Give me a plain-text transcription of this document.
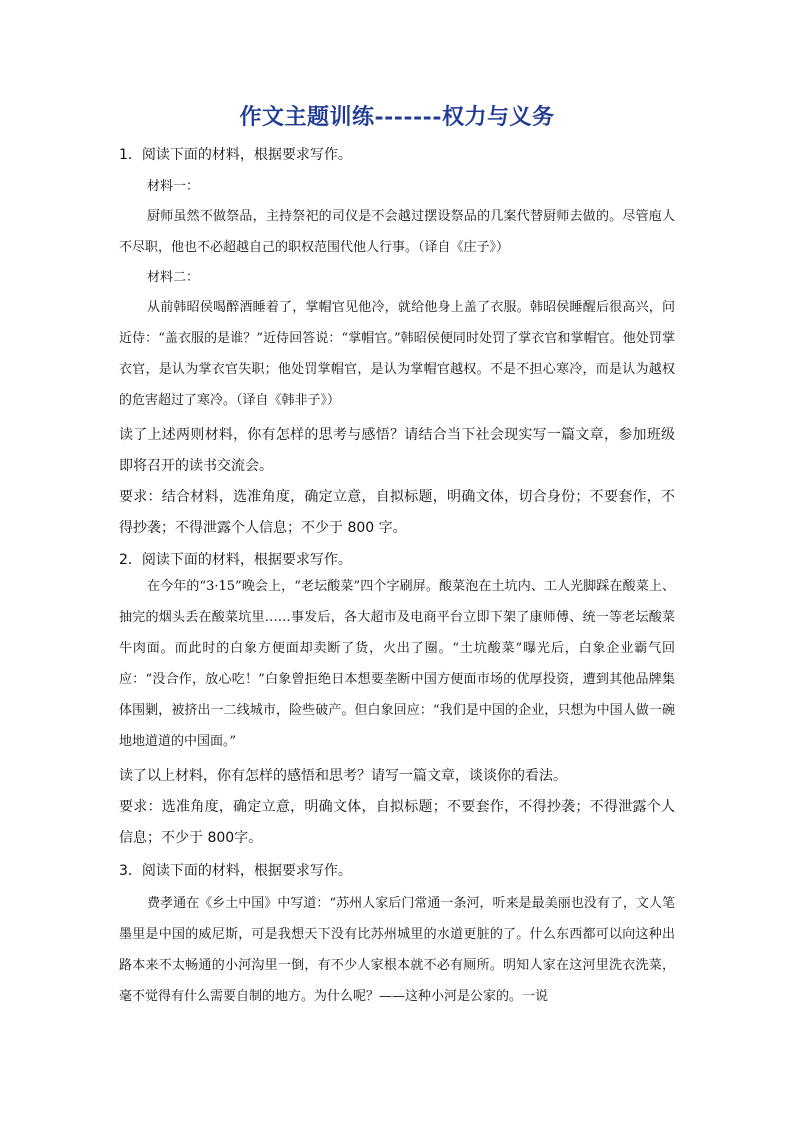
作文主题训练-------权力与义务

1．阅读下面的材料，根据要求写作。

材料一：

厨师虽然不做祭品，主持祭祀的司仪是不会越过摆设祭品的几案代替厨师去做的。尽管庖人不尽职，他也不必超越自己的职权范围代他人行事。（译自《庄子》）

材料二：

从前韩昭侯喝醉酒睡着了，掌帽官见他冷，就给他身上盖了衣服。韩昭侯睡醒后很高兴，问近侍：“盖衣服的是谁？”近侍回答说：“掌帽官。”韩昭侯便同时处罚了掌衣官和掌帽官。他处罚掌衣官，是认为掌衣官失职；他处罚掌帽官，是认为掌帽官越权。不是不担心寒冷，而是认为越权的危害超过了寒冷。（译自《韩非子》）

读了上述两则材料，你有怎样的思考与感悟？请结合当下社会现实写一篇文章，参加班级即将召开的读书交流会。

要求：结合材料，选准角度，确定立意，自拟标题，明确文体，切合身份；不要套作，不得抄袭；不得泄露个人信息；不少于 800 字。

2．阅读下面的材料，根据要求写作。

在今年的“3·15”晚会上，“老坛酸菜”四个字刷屏。酸菜泡在土坑内、工人光脚踩在酸菜上、抽完的烟头丢在酸菜坑里……事发后，各大超市及电商平台立即下架了康师傅、统一等老坛酸菜牛肉面。而此时的白象方便面却卖断了货，火出了圈。“土坑酸菜”曝光后，白象企业霸气回应：“没合作，放心吃！”白象曾拒绝日本想要垄断中国方便面市场的优厚投资，遭到其他品牌集体围剿，被挤出一二线城市，险些破产。但白象回应：“我们是中国的企业，只想为中国人做一碗地地道道的中国面。”

读了以上材料，你有怎样的感悟和思考？请写一篇文章，谈谈你的看法。

要求：选准角度，确定立意，明确文体，自拟标题；不要套作，不得抄袭；不得泄露个人信息；不少于 800字。

3．阅读下面的材料，根据要求写作。

费孝通在《乡土中国》中写道：“苏州人家后门常通一条河，听来是最美丽也没有了，文人笔墨里是中国的威尼斯，可是我想天下没有比苏州城里的水道更脏的了。什么东西都可以向这种出路本来不太畅通的小河沟里一倒，有不少人家根本就不必有厕所。明知人家在这河里洗衣洗菜，毫不觉得有什么需要自制的地方。为什么呢？——这种小河是公家的。一说
